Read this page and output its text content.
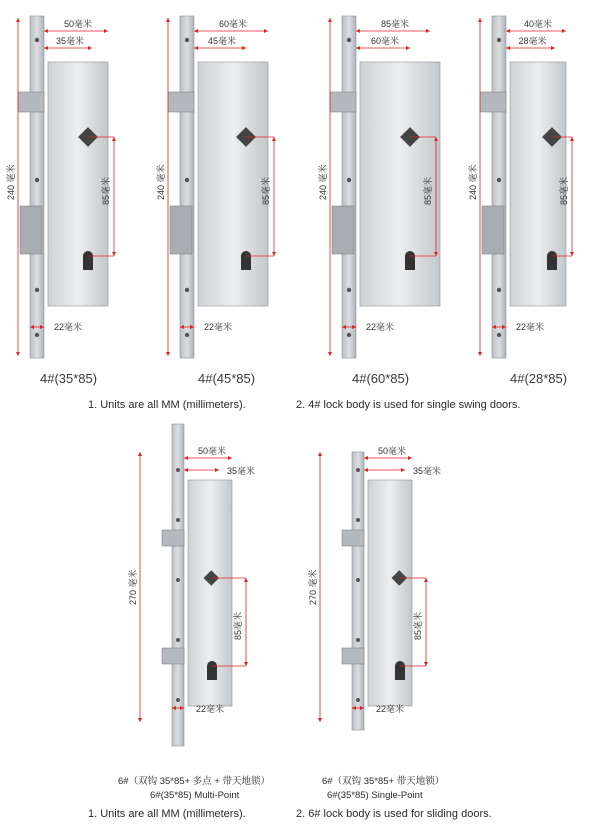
50毫米
35毫米
240 毫米	85毫米
22毫米
60毫米
45毫米
240 毫米	85毫米
22毫米
85毫米
60毫米
240 毫米	85毫米
22毫米
40毫米
28毫米
240 毫米	85毫米
22毫米
50毫米
35毫米
270 毫米
85毫米
22毫米
50毫米
35毫米
270 毫米
85毫米
22毫米
4#(35*85)	4#(45*85)	4#(60*85)	4#(28*85)
1. Units are all MM (millimeters).	2. 4# lock body is used for single swing doors.
6#（双钩 35*85+ 多点 + 带天地锁）
6#(35*85) Multi-Point
6#（双钩 35*85+ 带天地锁）
6#(35*85) Single-Point
1. Units are all MM (millimeters).	2. 6# lock body is used for sliding doors.
